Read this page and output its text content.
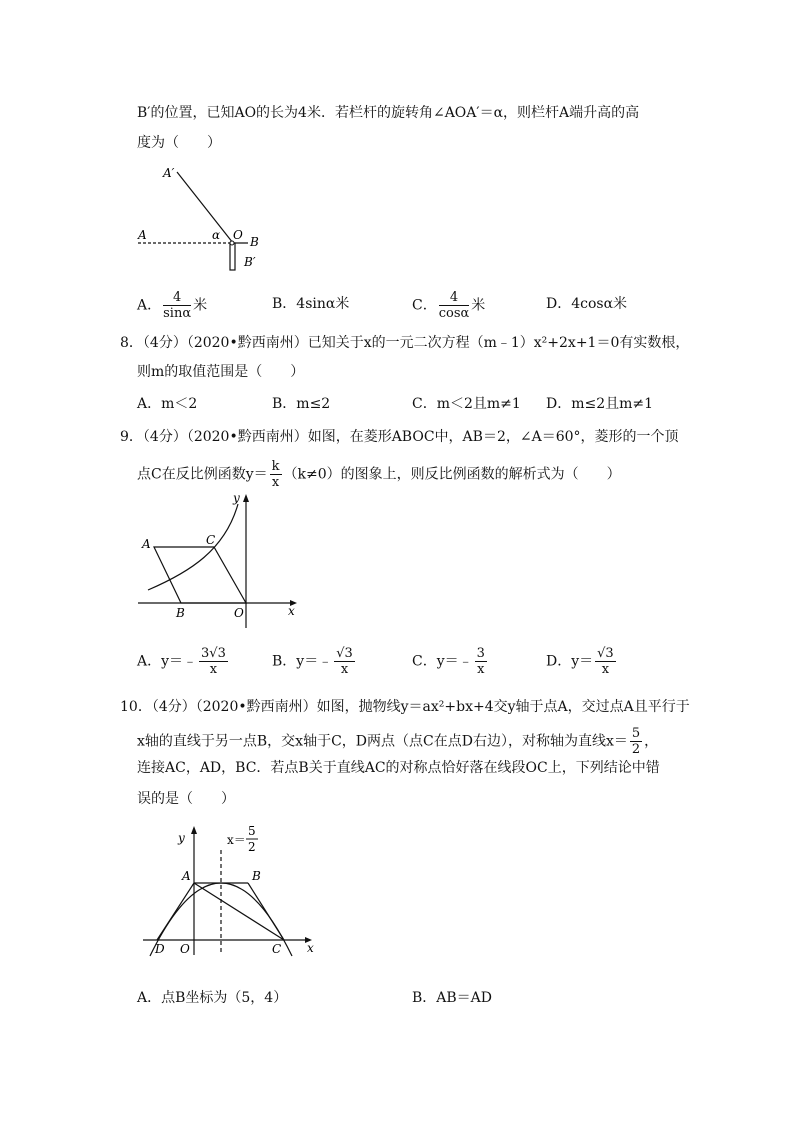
B′的位置，已知AO的长为4米．若栏杆的旋转角∠AOA′＝α，则栏杆A端升高的高
度为（　　）
A′
A	α O B
B′
A． $\frac{4}{\sin\alpha}$ 米	B．4sinα米	C． $\frac{4}{\cos\alpha}$ 米	D．4cosα米
8．（4分）（2020•黔西南州）已知关于x的一元二次方程（m﹣1）x²+2x+1＝0有实数根，
则m的取值范围是（　　）
A．m＜2	B．m≤2	C．m＜2且m≠1 D．m≤2且m≠1
9．（4分）（2020•黔西南州）如图，在菱形ABOC中，AB＝2，∠A＝60°，菱形的一个顶
点C在反比例函数$y= \frac{k}{x} (k\ne 0)$的图象上，则反比例函数的解析式为（　　）
y
A	C
B	O	x
A．y＝﹣ $\frac{3√3}{x}$	B．y＝﹣ $\frac{√3}{x}$	C．y＝﹣ $\frac{3}{x}$	D．$y= \frac{√3}{x}$
10．（4分）（2020•黔西南州）如图，抛物线y＝ax²+bx+4交y轴于点A，交过点A且平行于
x轴的直线于另一点B，交x轴于C，D两点（点C在点D右边），对称轴为直线$x= \frac{5}{2}$ ，
连接AC，AD，BC．若点B关于直线AC的对称点恰好落在线段OC上，下列结论中错
误的是（　　）
y	x＝
5
2
A	B
D O	C x
A．点B坐标为（5，4）	B．AB＝AD
